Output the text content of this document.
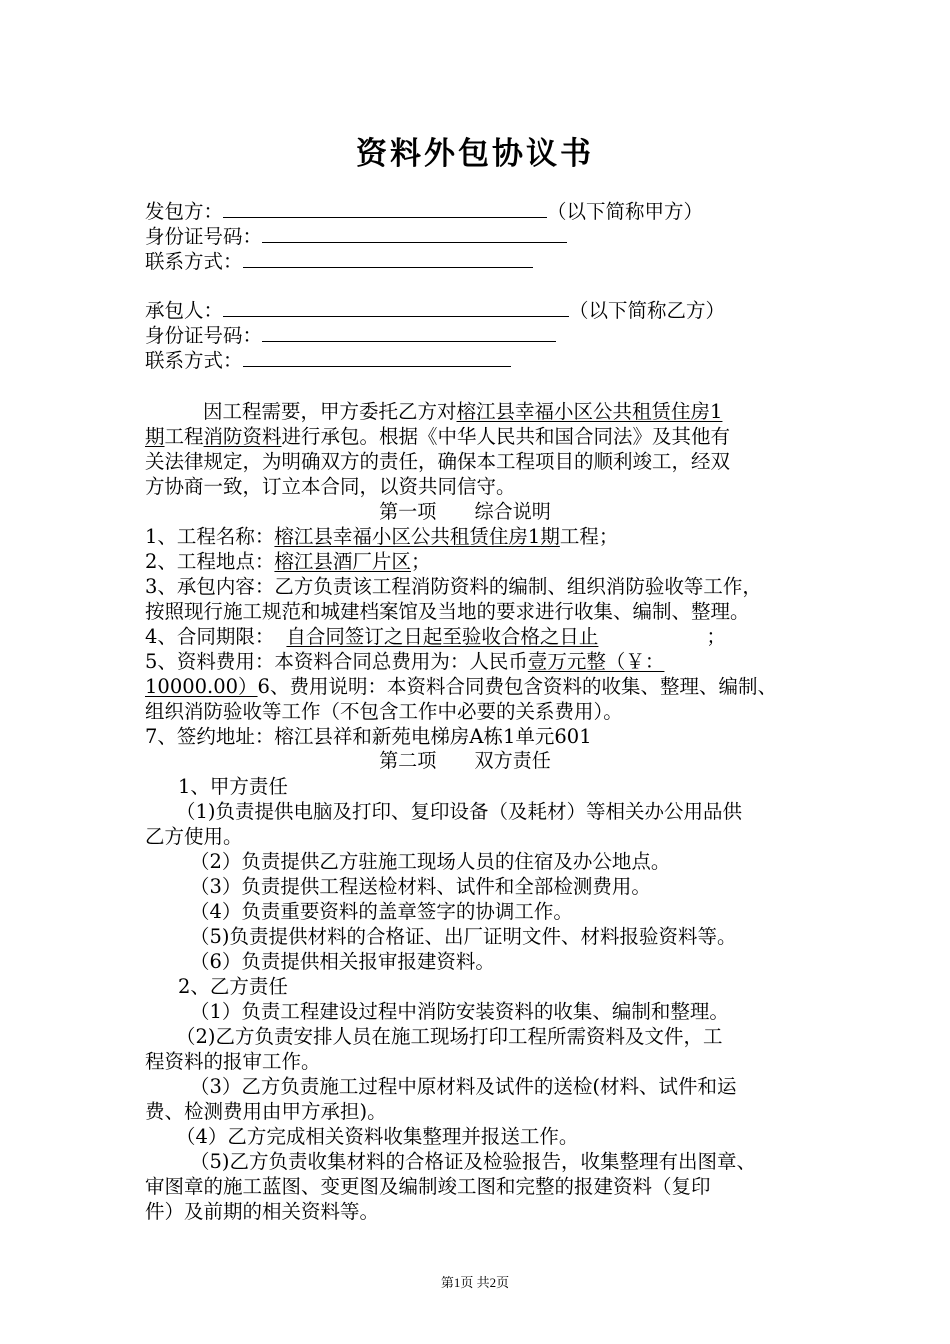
资料外包协议书
发包方：	（以下简称甲方）
身份证号码：
联系方式：
承包人：	（以下简称乙方）
身份证号码：
联系方式：
因工程需要，甲方委托乙方对榕江县幸福小区公共租赁住房1
期工程消防资料进行承包。根据《中华人民共和国合同法》及其他有
关法律规定，为明确双方的责任，确保本工程项目的顺利竣工，经双
方协商一致，订立本合同，以资共同信守。
第一项　　综合说明
1、工程名称：榕江县幸福小区公共租赁住房1期工程；
2、工程地点：榕江县酒厂片区；
3、承包内容：乙方负责该工程消防资料的编制、组织消防验收等工作，
按照现行施工规范和城建档案馆及当地的要求进行收集、编制、整理。
4、合同期限： 自合同签订之日起至验收合格之日止	；
5、资料费用：本资料合同总费用为：人民币壹万元整（￥：
10000.00）6、费用说明：本资料合同费包含资料的收集、整理、编制、
组织消防验收等工作（不包含工作中必要的关系费用）。
7、签约地址：榕江县祥和新苑电梯房A栋1单元601
第二项　　双方责任
1、甲方责任
（1)负责提供电脑及打印、复印设备（及耗材）等相关办公用品供
乙方使用。
（2）负责提供乙方驻施工现场人员的住宿及办公地点。
（3）负责提供工程送检材料、试件和全部检测费用。
（4）负责重要资料的盖章签字的协调工作。
（5)负责提供材料的合格证、出厂证明文件、材料报验资料等。
（6）负责提供相关报审报建资料。
2、乙方责任
（1）负责工程建设过程中消防安装资料的收集、编制和整理。
（2)乙方负责安排人员在施工现场打印工程所需资料及文件，工
程资料的报审工作。
（3）乙方负责施工过程中原材料及试件的送检(材料、试件和运
费、检测费用由甲方承担)。
（4）乙方完成相关资料收集整理并报送工作。
（5)乙方负责收集材料的合格证及检验报告，收集整理有出图章、
审图章的施工蓝图、变更图及编制竣工图和完整的报建资料（复印
件）及前期的相关资料等。
第1页 共2页
